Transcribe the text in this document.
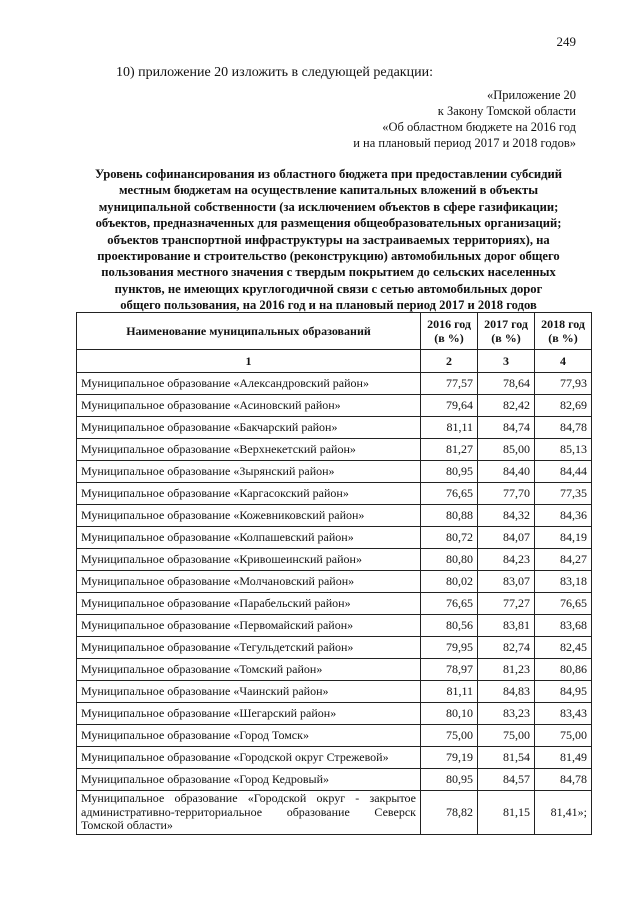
249
10) приложение 20 изложить в следующей редакции:
«Приложение 20
к Закону Томской области
«Об областном бюджете на 2016 год
и на плановый период 2017 и 2018 годов»
Уровень софинансирования из областного бюджета при предоставлении субсидий
местным бюджетам на осуществление капитальных вложений в объекты
муниципальной собственности (за исключением объектов в сфере газификации;
объектов, предназначенных для размещения общеобразовательных организаций;
объектов транспортной инфраструктуры на застраиваемых территориях), на
проектирование и строительство (реконструкцию) автомобильных дорог общего
пользования местного значения с твердым покрытием до сельских населенных
пунктов, не имеющих круглогодичной связи с сетью автомобильных дорог
общего пользования, на 2016 год и на плановый период 2017 и 2018 годов
Наименование муниципальных образований	2016 год (в %)	2017 год (в %)	2018 год (в %)
1	2	3	4
Муниципальное образование «Александровский район»	77,57	78,64	77,93
Муниципальное образование «Асиновский район»	79,64	82,42	82,69
Муниципальное образование «Бакчарский район»	81,11	84,74	84,78
Муниципальное образование «Верхнекетский район»	81,27	85,00	85,13
Муниципальное образование «Зырянский район»	80,95	84,40	84,44
Муниципальное образование «Каргасокский район»	76,65	77,70	77,35
Муниципальное образование «Кожевниковский район»	80,88	84,32	84,36
Муниципальное образование «Колпашевский район»	80,72	84,07	84,19
Муниципальное образование «Кривошеинский район»	80,80	84,23	84,27
Муниципальное образование «Молчановский район»	80,02	83,07	83,18
Муниципальное образование «Парабельский район»	76,65	77,27	76,65
Муниципальное образование «Первомайский район»	80,56	83,81	83,68
Муниципальное образование «Тегульдетский район»	79,95	82,74	82,45
Муниципальное образование «Томский район»	78,97	81,23	80,86
Муниципальное образование «Чаинский район»	81,11	84,83	84,95
Муниципальное образование «Шегарский район»	80,10	83,23	83,43
Муниципальное образование «Город Томск»	75,00	75,00	75,00
Муниципальное образование «Городской округ Стрежевой»	79,19	81,54	81,49
Муниципальное образование «Город Кедровый»	80,95	84,57	84,78
Муниципальное образование «Городской округ - закрытое административно-территориальное образование Северск Томской области»	78,82	81,15	81,41»;
